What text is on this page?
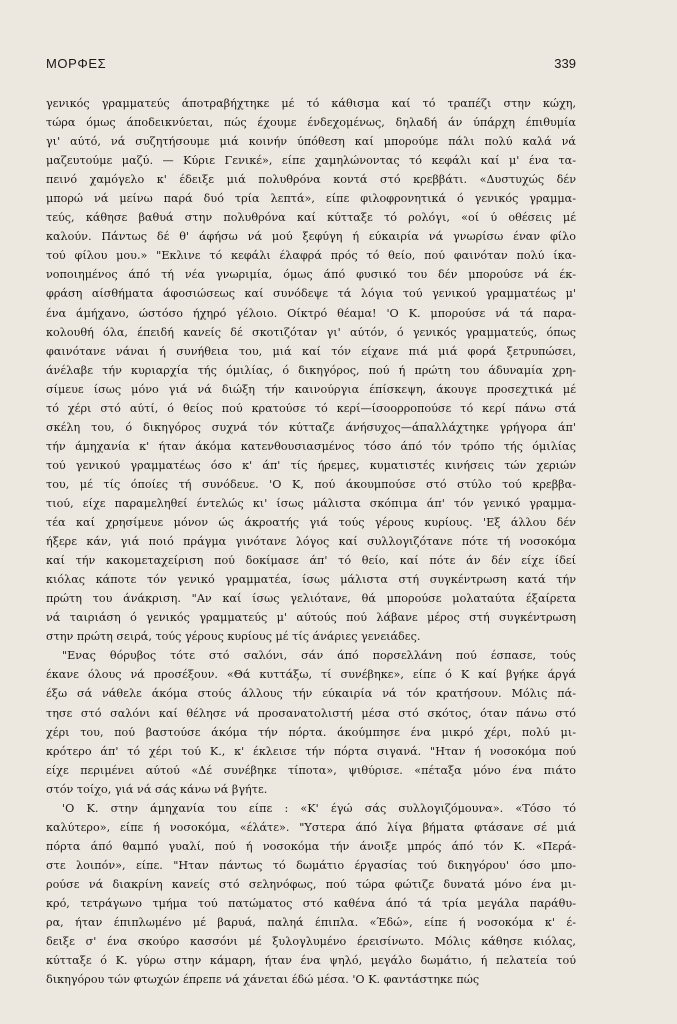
ΜΟΡΦΕΣ	339
γενικός γραμματεύς άποτραβήχτηκε μέ τό κάθισμα καί τό τραπέζι στην κώχη,
τώρα όμως άποδεικνύεται, πώς έχουμε ένδεχομένως, δηλαδή άν ύπάρχη έπιθυμία
γι' αύτό, νά συζητήσουμε μιά κοινήν ύπόθεση καί μπορούμε πάλι πολύ καλά νά
μαζευτούμε μαζύ. — Κύριε Γενικέ», είπε χαμηλώνοντας τό κεφάλι καί μ' ένα τα-
πεινό χαμόγελο κ' έδειξε μιά πολυθρόνα κοντά στό κρεββάτι. «Δυστυχώς δέν
μπορώ νά μείνω παρά δυό τρία λεπτά», είπε φιλοφρονητικά ό γενικός γραμμα-
τεύς, κάθησε βαθυά στην πολυθρόνα καί κύτταξε τό ρολόγι, «οί ύ οθέσεις μέ
καλούν. Πάντως δέ θ' άφήσω νά μού ξεφύγη ή εύκαιρία νά γνωρίσω έναν φίλο
τού φίλου μου.» "Εκλινε τό κεφάλι έλαφρά πρός τό θείο, πού φαινόταν πολύ ίκα-
νοποιημένος άπό τή νέα γνωριμία, όμως άπό φυσικό του δέν μπορούσε νά έκ-
φράση αίσθήματα άφοσιώσεως καί συνόδεψε τά λόγια τού γενικού γραμματέως μ'
ένα άμήχανο, ώστόσο ήχηρό γέλοιο. Οίκτρό θέαμα! 'Ο Κ. μπορούσε νά τά παρα-
κολουθή όλα, έπειδή κανείς δέ σκοτιζόταν γι' αύτόν, ό γενικός γραμματεύς, όπως
φαινότανε νάναι ή συνήθεια του, μιά καί τόν είχανε πιά μιά φορά ξετρυπώσει,
άνέλαβε τήν κυριαρχία τής όμιλίας, ό δικηγόρος, πού ή πρώτη του άδυναμία χρη-
σίμευε ίσως μόνο γιά νά διώξη τήν καινούργια έπίσκεψη, άκουγε προσεχτικά μέ
τό χέρι στό αύτί, ό θείος πού κρατούσε τό κερί—ίσοορροπούσε τό κερί πάνω στά
σκέλη του, ό δικηγόρος συχνά τόν κύτταζε άνήσυχος—άπαλλάχτηκε γρήγορα άπ'
τήν άμηχανία κ' ήταν άκόμα κατενθουσιασμένος τόσο άπό τόν τρόπο τής όμιλίας
τού γενικού γραμματέως όσο κ' άπ' τίς ήρεμες, κυματιστές κινήσεις τών χεριών
του, μέ τίς όποίες τή συνόδευε. 'Ο Κ, πού άκουμπούσε στό στύλο τού κρεββα-
τιού, είχε παραμεληθεί έντελώς κι' ίσως μάλιστα σκόπιμα άπ' τόν γενικό γραμμα-
τέα καί χρησίμευε μόνον ώς άκροατής γιά τούς γέρους κυρίους. 'Εξ άλλου δέν
ήξερε κάν, γιά ποιό πράγμα γινότανε λόγος καί συλλογιζότανε πότε τή νοσοκόμα
καί τήν κακομεταχείριση πού δοκίμασε άπ' τό θείο, καί πότε άν δέν είχε ίδεί
κιόλας κάποτε τόν γενικό γραμματέα, ίσως μάλιστα στή συγκέντρωση κατά τήν
πρώτη του άνάκριση. "Αν καί ίσως γελιότανε, θά μπορούσε μολαταύτα έξαίρετα
νά ταιριάση ό γενικός γραμματεύς μ' αύτούς πού λάβανε μέρος στή συγκέντρωση
στην πρώτη σειρά, τούς γέρους κυρίους μέ τίς άνάριες γενειάδες.
"Ενας θόρυβος τότε στό σαλόνι, σάν άπό πορσελλάνη πού έσπασε, τούς
έκανε όλους νά προσέξουν. «Θά κυττάξω, τί συνέβηκε», είπε ό Κ καί βγήκε άργά
έξω σά νάθελε άκόμα στούς άλλους τήν εύκαιρία νά τόν κρατήσουν. Μόλις πά-
τησε στό σαλόνι καί θέλησε νά προσανατολιστή μέσα στό σκότος, όταν πάνω στό
χέρι του, πού βαστούσε άκόμα τήν πόρτα. άκούμπησε ένα μικρό χέρι, πολύ μι-
κρότερο άπ' τό χέρι τού Κ., κ' έκλεισε τήν πόρτα σιγανά. "Ηταν ή νοσοκόμα πού
είχε περιμένει αύτού «Δέ συνέβηκε τίποτα», ψιθύρισε. «πέταξα μόνο ένα πιάτο
στόν τοίχο, γιά νά σάς κάνω νά βγήτε.
'Ο Κ. στην άμηχανία του είπε : «Κ' έγώ σάς συλλογιζόμουνα». «Τόσο τό
καλύτερο», είπε ή νοσοκόμα, «έλάτε». "Υστερα άπό λίγα βήματα φτάσανε σέ μιά
πόρτα άπό θαμπό γυαλί, πού ή νοσοκόμα τήν άνοιξε μπρός άπό τόν Κ. «Περά-
στε λοιπόν», είπε. "Ηταν πάντως τό δωμάτιο έργασίας τού δικηγόρου' όσο μπο-
ρούσε νά διακρίνη κανείς στό σεληνόφως, πού τώρα φώτιζε δυνατά μόνο ένα μι-
κρό, τετράγωνο τμήμα τού πατώματος στό καθένα άπό τά τρία μεγάλα παράθυ-
ρα, ήταν έπιπλωμένο μέ βαρυά, παληά έπιπλα. «Έδώ», είπε ή νοσοκόμα κ' έ-
δειξε σ' ένα σκούρο κασσόνι μέ ξυλογλυμένο έρεισίνωτο. Μόλις κάθησε κιόλας,
κύτταξε ό Κ. γύρω στην κάμαρη, ήταν ένα ψηλό, μεγάλο δωμάτιο, ή πελατεία τού
δικηγόρου τών φτωχών έπρεπε νά χάνεται έδώ μέσα. 'Ο Κ. φαντάστηκε πώς
